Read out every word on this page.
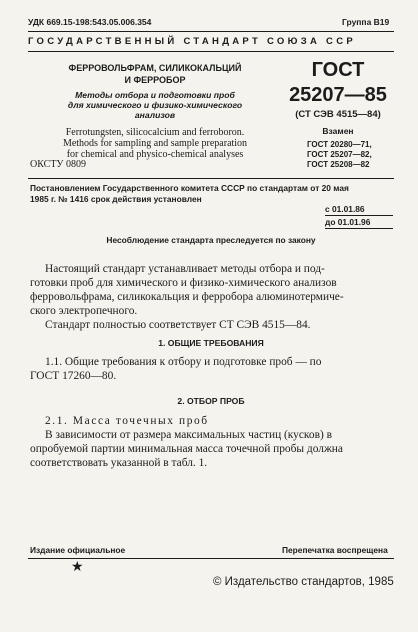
УДК 669.15-198:543.05.006.354	Группа В19
ГОСУДАРСТВЕННЫЙ СТАНДАРТ СОЮЗА ССР
ФЕРРОВОЛЬФРАМ, СИЛИКОКАЛЬЦИЙ
И ФЕРРОБОР
Методы отбора и подготовки проб
для химического и физико-химического
анализов
Ferrotungsten, silicocalcium and ferroboron.
Methods for sampling and sample preparation
for chemical and physico-chemical analyses
ОКСТУ 0809
ГОСТ
25207—85
(СТ СЭВ 4515—84)
Взамен
ГОСТ 20280—71,
ГОСТ 25207—82,
ГОСТ 25208—82
Постановлением Государственного комитета СССР по стандартам от 20 мая
1985 г. № 1416 срок действия установлен
с 01.01.86
до 01.01.96
Несоблюдение стандарта преследуется по закону
Настоящий стандарт устанавливает методы отбора и под-
готовки проб для химического и физико-химического анализов
ферровольфрама, силикокальция и ферробора алюминотермиче-
ского электропечного.
Стандарт полностью соответствует СТ СЭВ 4515—84.
1. ОБЩИЕ ТРЕБОВАНИЯ
1.1. Общие требования к отбору и подготовке проб — по
ГОСТ 17260—80.
2. ОТБОР ПРОБ
2.1. Масса точечных проб
В зависимости от размера максимальных частиц (кусков) в
опробуемой партии минимальная масса точечной пробы должна
соответствовать указанной в табл. 1.
Издание официальное	Перепечатка воспрещена
★
© Издательство стандартов, 1985
